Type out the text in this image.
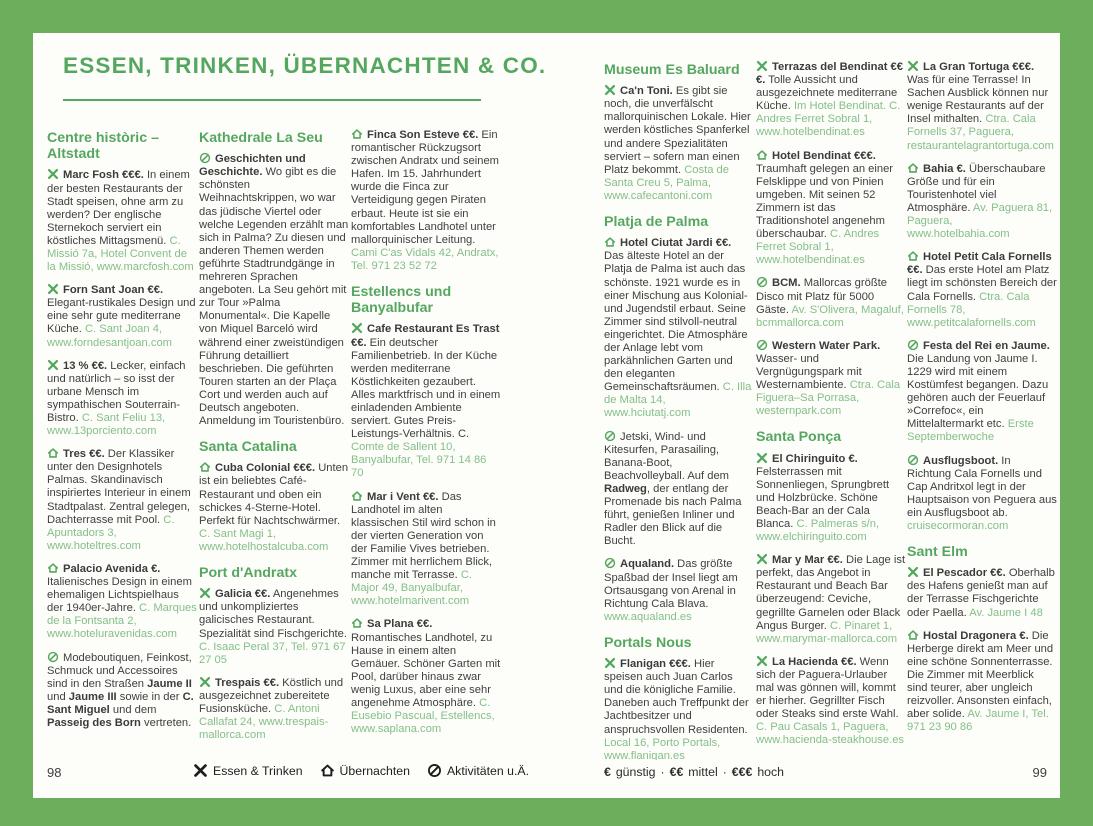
ESSEN, TRINKEN, ÜBERNACHTEN & CO.
Centre històric – Altstadt

Marc Fosh €€€. In einem der besten Restaurants der Stadt speisen, ohne arm zu werden? Der englische Sternekoch serviert ein köstliches Mittagsmenü. C. Missió 7a, Hotel Convent de la Missió, www.marcfosh.com

Forn Sant Joan €€. Elegant-rustikales Design und eine sehr gute mediterrane Küche. C. Sant Joan 4, www.forndesantjoan.com

13 % €€. Lecker, einfach und natürlich – so isst der urbane Mensch im sympathischen Souterrain-Bistro. C. Sant Feliu 13, www.13porciento.com

Tres €€. Der Klassiker unter den Designhotels Palmas. Skandinavisch inspiriertes Interieur in einem Stadtpalast. Zentral gelegen, Dachterrasse mit Pool. C. Apuntadors 3, www.hoteltres.com

Palacio Avenida €. Italienisches Design in einem ehemaligen Lichtspielhaus der 1940er-Jahre. C. Marques de la Fontsanta 2, www.hoteluravenidas.com

Modeboutiquen, Feinkost, Schmuck und Accessoires sind in den Straßen Jaume II und Jaume III sowie in der C. Sant Miguel und dem Passeig des Born vertreten.

Kathedrale La Seu

Geschichten und Geschichte. Wo gibt es die schönsten Weihnachtskrippen, wo war das jüdische Viertel oder welche Legenden erzählt man sich in Palma? Zu diesen und anderen Themen werden geführte Stadtrundgänge in mehreren Sprachen angeboten. La Seu gehört mit zur Tour »Palma Monumental«. Die Kapelle von Miquel Barceló wird während einer zweistündigen Führung detailliert beschrieben. Die geführten Touren starten an der Plaça Cort und werden auch auf Deutsch angeboten. Anmeldung im Touristenbüro.

Santa Catalina

Cuba Colonial €€€. Unten ist ein beliebtes Café-Restaurant und oben ein schickes 4-Sterne-Hotel. Perfekt für Nachtschwärmer. C. Sant Magi 1, www.hotelhostalcuba.com

Port d'Andratx

Galicia €€. Angenehmes und unkompliziertes galicisches Restaurant. Spezialität sind Fischgerichte. C. Isaac Peral 37, Tel. 971 67 27 05

Trespais €€. Köstlich und ausgezeichnet zubereitete Fusionsküche. C. Antoni Callafat 24, www.trespais-mallorca.com

Finca Son Esteve €€. Ein romantischer Rückzugsort zwischen Andratx und seinem Hafen. Im 15. Jahrhundert wurde die Finca zur Verteidigung gegen Piraten erbaut. Heute ist sie ein komfortables Landhotel unter mallorquinischer Leitung. Cami C'as Vidals 42, Andratx, Tel. 971 23 52 72

Estellencs und Banyalbufar

Cafe Restaurant Es Trast €€. Ein deutscher Familienbetrieb. In der Küche werden mediterrane Köstlichkeiten gezaubert. Alles marktfrisch und in einem einladenden Ambiente serviert. Gutes Preis-Leistungs-Verhältnis. C. Comte de Sallent 10, Banyalbufar, Tel. 971 14 86 70

Mar i Vent €€. Das Landhotel im alten klassischen Stil wird schon in der vierten Generation von der Familie Vives betrieben. Zimmer mit herrlichem Blick, manche mit Terrasse. C. Major 49, Banyalbufar, www.hotelmarivent.com

Sa Plana €€. Romantisches Landhotel, zu Hause in einem alten Gemäuer. Schöner Garten mit Pool, darüber hinaus zwar wenig Luxus, aber eine sehr angenehme Atmosphäre. C. Eusebio Pascual, Estellencs, www.saplana.com

Museum Es Baluard

Ca'n Toni. Es gibt sie noch, die unverfälscht mallorquinischen Lokale. Hier werden köstliches Spanferkel und andere Spezialitäten serviert – sofern man einen Platz bekommt. Costa de Santa Creu 5, Palma, www.cafecantoni.com

Platja de Palma

Hotel Ciutat Jardi €€. Das älteste Hotel an der Platja de Palma ist auch das schönste. 1921 wurde es in einer Mischung aus Kolonial- und Jugendstil erbaut. Seine Zimmer sind stilvoll-neutral eingerichtet. Die Atmosphäre der Anlage lebt vom parkähnlichen Garten und den eleganten Gemeinschaftsräumen. C. Illa de Malta 14, www.hciutatj.com

Jetski, Wind- und Kitesurfen, Parasailing, Banana-Boot, Beachvolleyball. Auf dem Radweg, der entlang der Promenade bis nach Palma führt, genießen Inliner und Radler den Blick auf die Bucht.

Aqualand. Das größte Spaßbad der Insel liegt am Ortsausgang von Arenal in Richtung Cala Blava. www.aqualand.es

Portals Nous

Flanigan €€€. Hier speisen auch Juan Carlos und die königliche Familie. Daneben auch Treffpunkt der Jachtbesitzer und anspruchsvollen Residenten. Local 16, Porto Portals, www.flanigan.es

Terrazas del Bendinat €€€. Tolle Aussicht und ausgezeichnete mediterrane Küche. Im Hotel Bendinat. C. Andres Ferret Sobral 1, www.hotelbendinat.es

Hotel Bendinat €€€. Traumhaft gelegen an einer Felsklippe und von Pinien umgeben. Mit seinen 52 Zimmern ist das Traditionshotel angenehm überschaubar. C. Andres Ferret Sobral 1, www.hotelbendinat.es

BCM. Mallorcas größte Disco mit Platz für 5000 Gäste. Av. S'Olivera, Magaluf, bcmmallorca.com

Western Water Park. Wasser- und Vergnügungspark mit Westernambiente. Ctra. Cala Figuera–Sa Porrasa, westernpark.com

Santa Ponça

El Chiringuito €. Felsterrassen mit Sonnenliegen, Sprungbrett und Holzbrücke. Schöne Beach-Bar an der Cala Blanca. C. Palmeras s/n, www.elchiringuito.com

Mar y Mar €€. Die Lage ist perfekt, das Angebot in Restaurant und Beach Bar überzeugend: Ceviche, gegrillte Garnelen oder Black Angus Burger. C. Pinaret 1, www.marymar-mallorca.com

La Hacienda €€. Wenn sich der Paguera-Urlauber mal was gönnen will, kommt er hierher. Gegrillter Fisch oder Steaks sind erste Wahl. C. Pau Casals 1, Paguera, www.hacienda-steakhouse.es

La Gran Tortuga €€€. Was für eine Terrasse! In Sachen Ausblick können nur wenige Restaurants auf der Insel mithalten. Ctra. Cala Fornells 37, Paguera, restaurantelagrantortuga.com

Bahia €. Überschaubare Größe und für ein Touristenhotel viel Atmosphäre. Av. Paguera 81, Paguera, www.hotelbahia.com

Hotel Petit Cala Fornells €€. Das erste Hotel am Platz liegt im schönsten Bereich der Cala Fornells. Ctra. Cala Fornells 78, www.petitcalafornells.com

Festa del Rei en Jaume. Die Landung von Jaume I. 1229 wird mit einem Kostümfest begangen. Dazu gehören auch der Feuerlauf »Correfoc«, ein Mittelaltermarkt etc. Erste Septemberwoche

Ausflugsboot. In Richtung Cala Fornells und Cap Andritxol legt in der Hauptsaison von Peguera aus ein Ausflugsboot ab. cruisecormoran.com

Sant Elm

El Pescador €€. Oberhalb des Hafens genießt man auf der Terrasse Fischgerichte oder Paella. Av. Jaume I 48

Hostal Dragonera €. Die Herberge direkt am Meer und eine schöne Sonnenterrasse. Die Zimmer mit Meerblick sind teurer, aber ungleich reizvoller. Ansonsten einfach, aber solide. Av. Jaume I, Tel. 971 23 90 86

98	Essen & Trinken	Übernachten	Aktivitäten u.Ä.	€ günstig · €€ mittel · €€€ hoch	99
